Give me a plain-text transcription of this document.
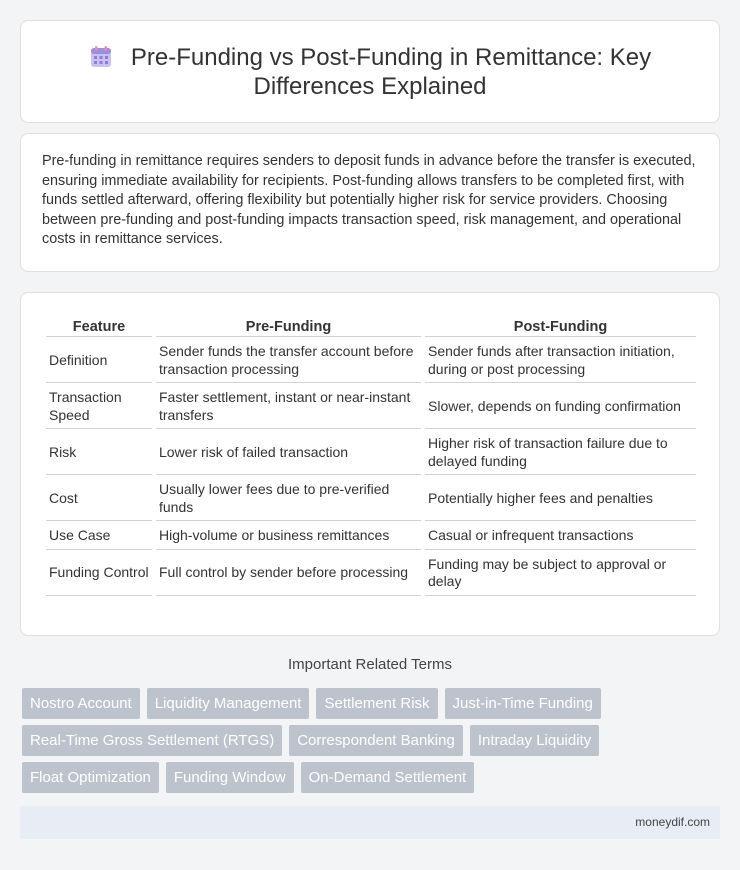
Pre-Funding vs Post-Funding in Remittance: Key Differences Explained

Pre-funding in remittance requires senders to deposit funds in advance before the transfer is executed, ensuring immediate availability for recipients. Post-funding allows transfers to be completed first, with funds settled afterward, offering flexibility but potentially higher risk for service providers. Choosing between pre-funding and post-funding impacts transaction speed, risk management, and operational costs in remittance services.

Feature	Pre-Funding	Post-Funding
Definition	Sender funds the transfer account before transaction processing	Sender funds after transaction initiation, during or post processing
Transaction Speed	Faster settlement, instant or near-instant transfers	Slower, depends on funding confirmation
Risk	Lower risk of failed transaction	Higher risk of transaction failure due to delayed funding
Cost	Usually lower fees due to pre-verified funds	Potentially higher fees and penalties
Use Case	High-volume or business remittances	Casual or infrequent transactions
Funding Control	Full control by sender before processing	Funding may be subject to approval or delay
Important Related Terms
Nostro Account	Liquidity Management	Settlement Risk	Just-in-Time Funding
Real-Time Gross Settlement (RTGS)	Correspondent Banking	Intraday Liquidity
Float Optimization	Funding Window	On-Demand Settlement
moneydif.com
